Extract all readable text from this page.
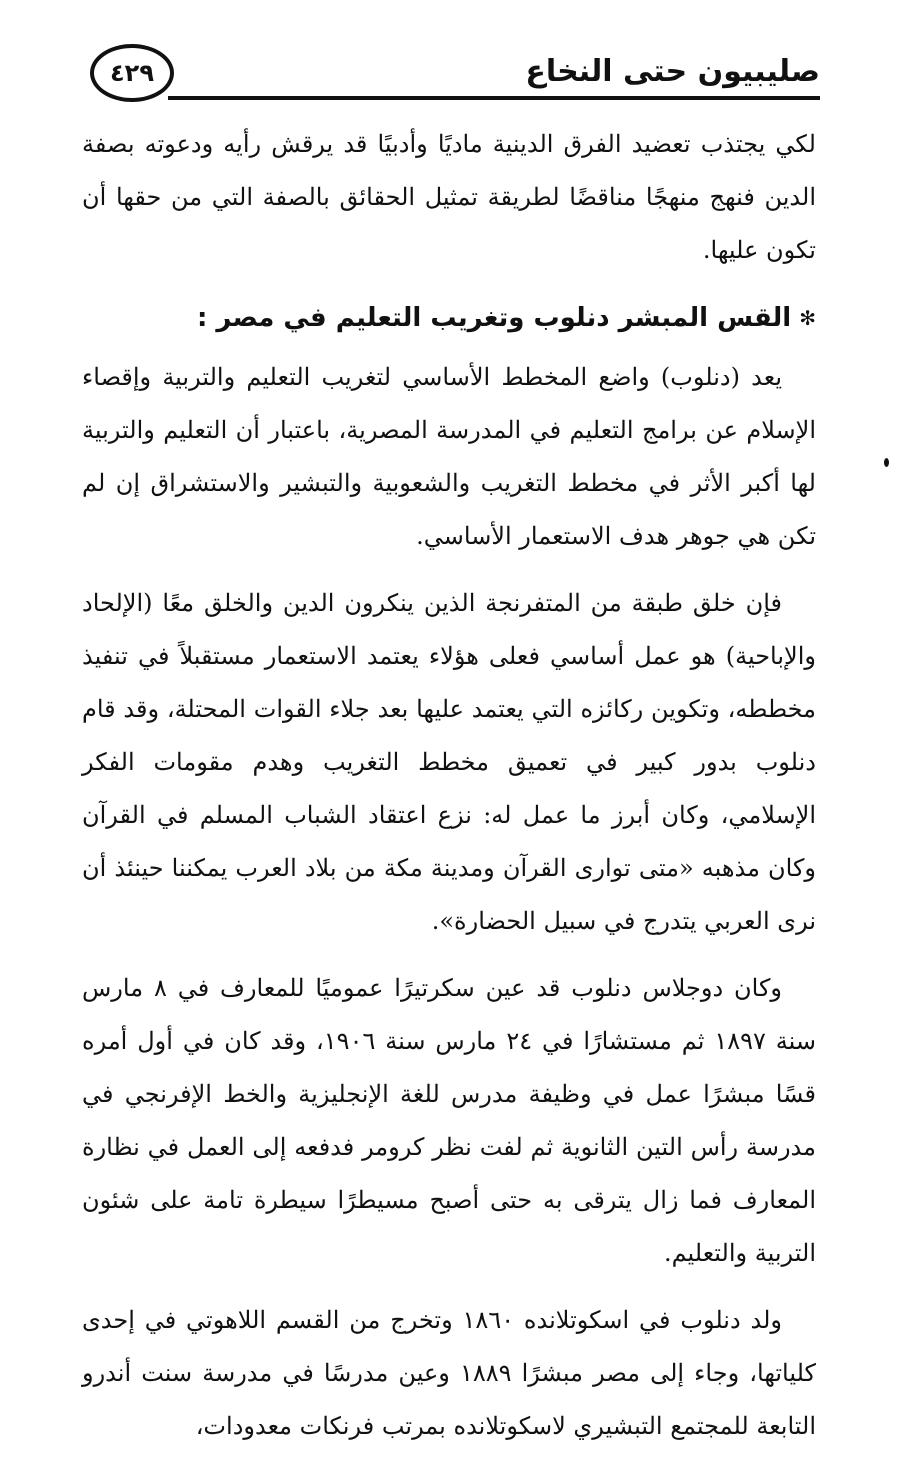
٤٢٩	صليبيون حتى النخاع

لكي يجتذب تعضيد الفرق الدينية ماديًا وأدبيًا قد يرقش رأيه ودعوته بصفة الدين فنهج منهجًا مناقضًا لطريقة تمثيل الحقائق بالصفة التي من حقها أن تكون عليها.

✻
القس المبشر دنلوب وتغريب التعليم في مصر :

يعد (دنلوب) واضع المخطط الأساسي لتغريب التعليم والتربية وإقصاء الإسلام عن برامج التعليم في المدرسة المصرية، باعتبار أن التعليم والتربية لها أكبر الأثر في مخطط التغريب والشعوبية والتبشير والاستشراق إن لم تكن هي جوهر هدف الاستعمار الأساسي.

فإن خلق طبقة من المتفرنجة الذين ينكرون الدين والخلق معًا (الإلحاد والإباحية) هو عمل أساسي فعلى هؤلاء يعتمد الاستعمار مستقبلاً في تنفيذ مخططه، وتكوين ركائزه التي يعتمد عليها بعد جلاء القوات المحتلة، وقد قام دنلوب بدور كبير في تعميق مخطط التغريب وهدم مقومات الفكر الإسلامي، وكان أبرز ما عمل له: نزع اعتقاد الشباب المسلم في القرآن وكان مذهبه «متى توارى القرآن ومدينة مكة من بلاد العرب يمكننا حينئذ أن نرى العربي يتدرج في سبيل الحضارة».

وكان دوجلاس دنلوب قد عين سكرتيرًا عموميًا للمعارف في ٨ مارس سنة ١٨٩٧ ثم مستشارًا في ٢٤ مارس سنة ١٩٠٦، وقد كان في أول أمره قسًا مبشرًا عمل في وظيفة مدرس للغة الإنجليزية والخط الإفرنجي في مدرسة رأس التين الثانوية ثم لفت نظر كرومر فدفعه إلى العمل في نظارة المعارف فما زال يترقى به حتى أصبح مسيطرًا سيطرة تامة على شئون التربية والتعليم.

ولد دنلوب في اسكوتلانده ١٨٦٠ وتخرج من القسم اللاهوتي في إحدى كلياتها، وجاء إلى مصر مبشرًا ١٨٨٩ وعين مدرسًا في مدرسة سنت أندرو التابعة للمجتمع التبشيري لاسكوتلانده بمرتب فرنكات معدودات،
